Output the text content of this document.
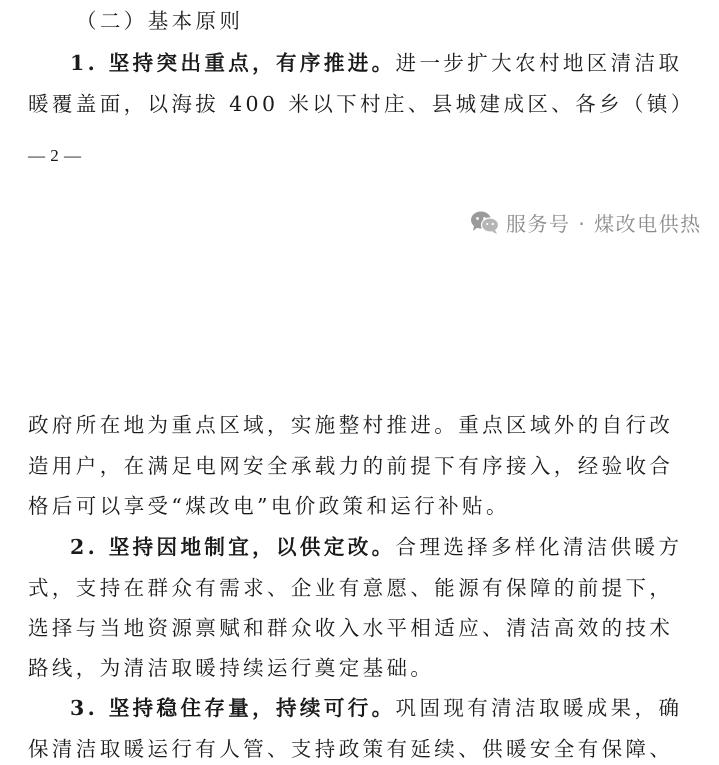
（二）基本原则
1. 坚持突出重点，有序推进。进一步扩大农村地区清洁取
暖覆盖面，以海拔 400 米以下村庄、县城建成区、各乡（镇）
— 2 —
服务号 · 煤改电供热
政府所在地为重点区域，实施整村推进。重点区域外的自行改
造用户，在满足电网安全承载力的前提下有序接入，经验收合
格后可以享受“煤改电”电价政策和运行补贴。
2. 坚持因地制宜，以供定改。合理选择多样化清洁供暖方
式，支持在群众有需求、企业有意愿、能源有保障的前提下，
选择与当地资源禀赋和群众收入水平相适应、清洁高效的技术
路线，为清洁取暖持续运行奠定基础。
3. 坚持稳住存量，持续可行。巩固现有清洁取暖成果，确
保清洁取暖运行有人管、支持政策有延续、供暖安全有保障、
